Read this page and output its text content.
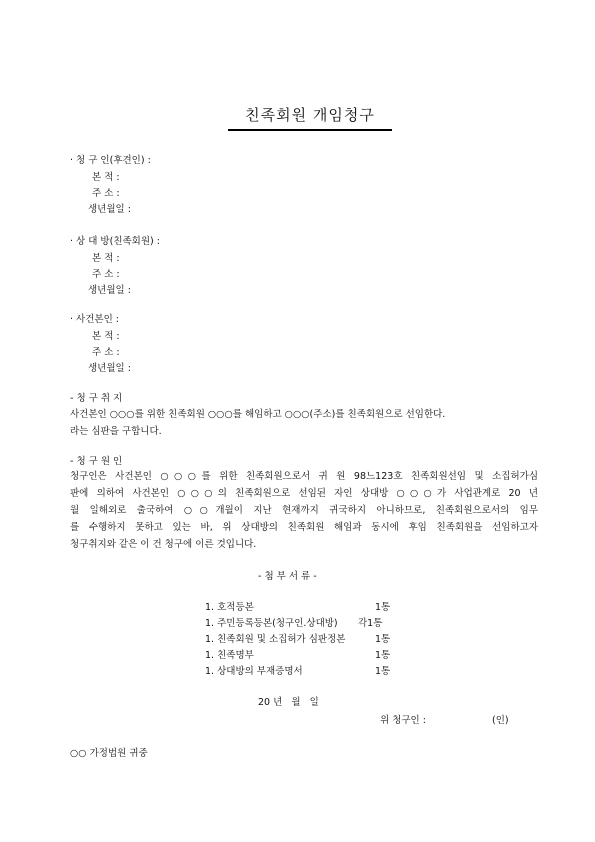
친족회원 개임청구
· 청 구 인(후견인) :
본 적 :
주 소 :
생년월일 :
· 상 대 방(친족회원) :
본 적 :
주 소 :
생년월일 :
· 사건본인 :
본 적 :
주 소 :
생년월일 :
- 청 구 취 지
사건본인 ○○○를 위한 친족회원 ○○○를 해임하고 ○○○(주소)를 친족회원으로 선임한다.
라는 심판을 구합니다.
- 청 구 원 인
청구인은 사건본인 ○○○를 위한 친족회원으로서 귀 원 98느123호 친족회원선임 및 소집허가심
판에 의하여 사건본인 ○○○의 친족회원으로 선임된 자인 상대방 ○○○가 사업관계로 20 년
월 일해외로 출국하여 ○○개월이 지난 현재까지 귀국하지 아니하므로, 친족회원으로서의 임무
를 수행하지 못하고 있는 바, 위 상대방의 친족회원 해임과 동시에 후임 친족회원을 선임하고자
청구취지와 같은 이 건 청구에 이른 것입니다.
- 첨 부 서 류 -
1. 호적등본	1통
1. 주민등록등본(청구인.상대방) 각1통
1. 친족회원 및 소집허가 심판정본	1통
1. 친족명부	1통
1. 상대방의 부재증명서	1통
20 년   월   일
위 청구인 :	(인)
○○ 가정법원 귀중
